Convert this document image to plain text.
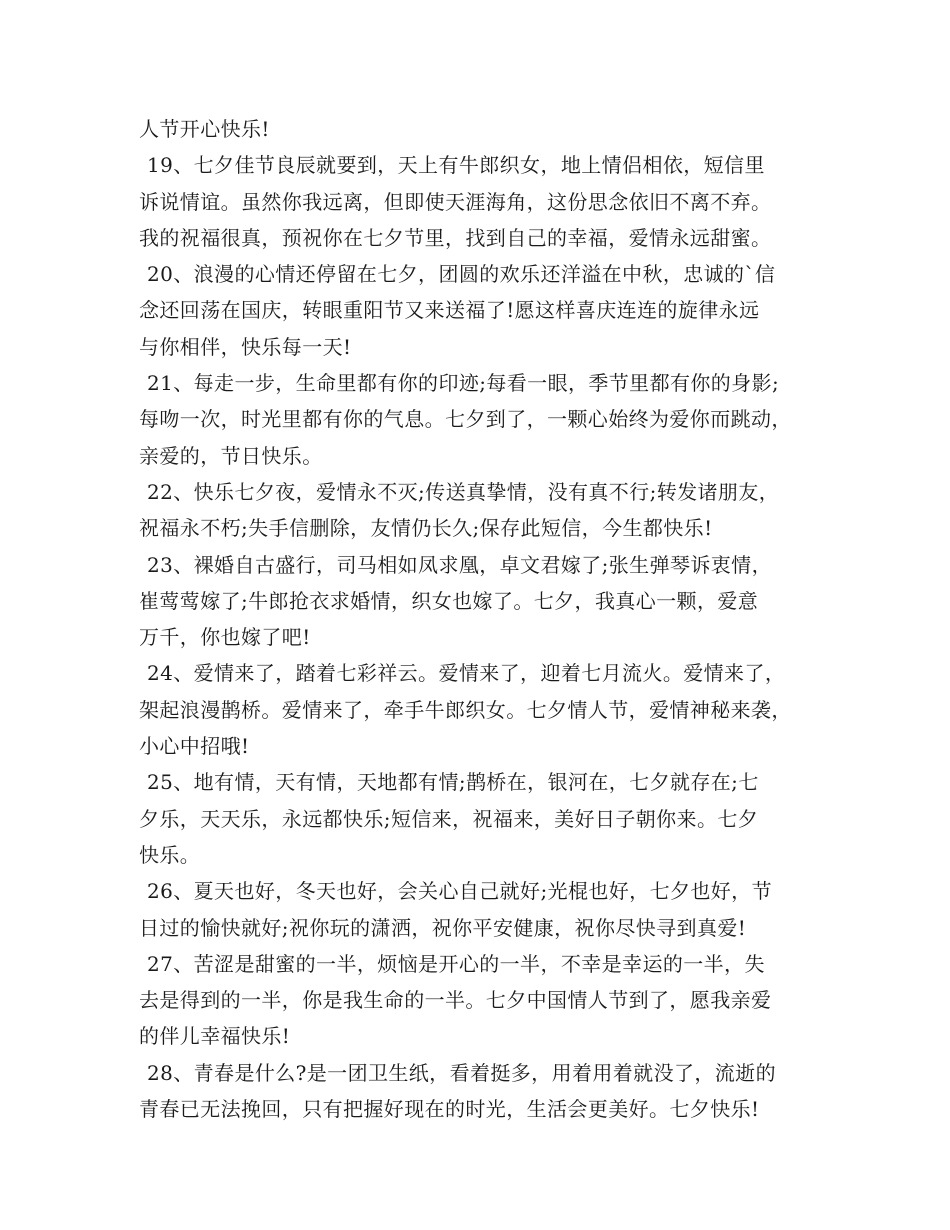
人节开心快乐!
19、七夕佳节良辰就要到，天上有牛郎织女，地上情侣相依，短信里
诉说情谊。虽然你我远离，但即使天涯海角，这份思念依旧不离不弃。
我的祝福很真，预祝你在七夕节里，找到自己的幸福，爱情永远甜蜜。
20、浪漫的心情还停留在七夕，团圆的欢乐还洋溢在中秋，忠诚的`信
念还回荡在国庆，转眼重阳节又来送福了!愿这样喜庆连连的旋律永远
与你相伴，快乐每一天!
21、每走一步，生命里都有你的印迹;每看一眼，季节里都有你的身影;
每吻一次，时光里都有你的气息。七夕到了，一颗心始终为爱你而跳动，
亲爱的，节日快乐。
22、快乐七夕夜，爱情永不灭;传送真挚情，没有真不行;转发诸朋友，
祝福永不朽;失手信删除，友情仍长久;保存此短信，今生都快乐!
23、裸婚自古盛行，司马相如凤求凰，卓文君嫁了;张生弹琴诉衷情，
崔莺莺嫁了;牛郎抢衣求婚情，织女也嫁了。七夕，我真心一颗，爱意
万千，你也嫁了吧!
24、爱情来了，踏着七彩祥云。爱情来了，迎着七月流火。爱情来了，
架起浪漫鹊桥。爱情来了，牵手牛郎织女。七夕情人节，爱情神秘来袭，
小心中招哦!
25、地有情，天有情，天地都有情;鹊桥在，银河在，七夕就存在;七
夕乐，天天乐，永远都快乐;短信来，祝福来，美好日子朝你来。七夕
快乐。
26、夏天也好，冬天也好，会关心自己就好;光棍也好，七夕也好，节
日过的愉快就好;祝你玩的潇洒，祝你平安健康，祝你尽快寻到真爱!
27、苦涩是甜蜜的一半，烦恼是开心的一半，不幸是幸运的一半，失
去是得到的一半，你是我生命的一半。七夕中国情人节到了，愿我亲爱
的伴儿幸福快乐!
28、青春是什么?是一团卫生纸，看着挺多，用着用着就没了，流逝的
青春已无法挽回，只有把握好现在的时光，生活会更美好。七夕快乐!
